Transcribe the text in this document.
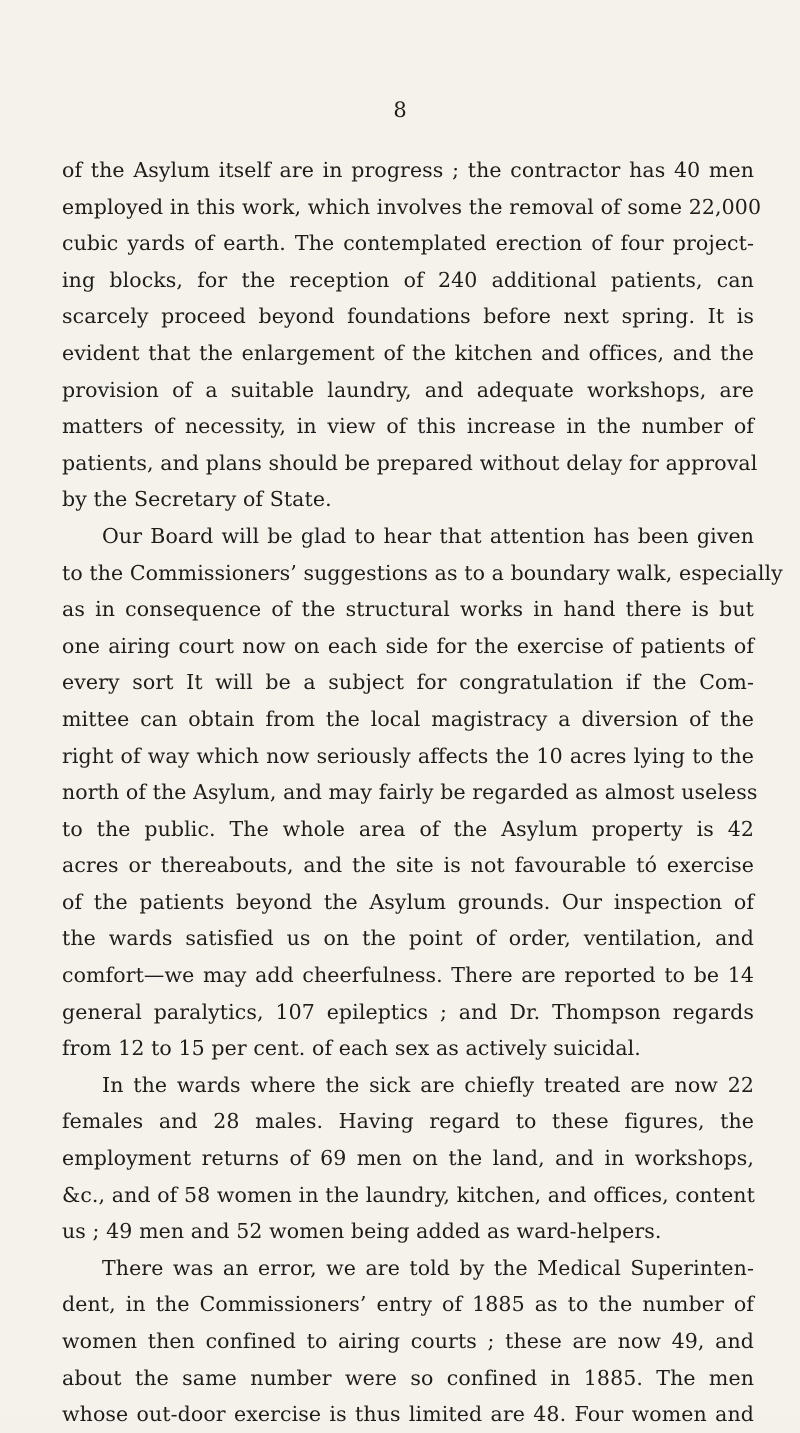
8
of the Asylum itself are in progress ; the contractor has 40 men
employed in this work, which involves the removal of some 22,000
cubic yards of earth. The contemplated erection of four project-
ing blocks, for the reception of 240 additional patients, can
scarcely proceed beyond foundations before next spring. It is
evident that the enlargement of the kitchen and offices, and the
provision of a suitable laundry, and adequate workshops, are
matters of necessity, in view of this increase in the number of
patients, and plans should be prepared without delay for approval
by the Secretary of State.
Our Board will be glad to hear that attention has been given
to the Commissioners’ suggestions as to a boundary walk, especially
as in consequence of the structural works in hand there is but
one airing court now on each side for the exercise of patients of
every sort It will be a subject for congratulation if the Com-
mittee can obtain from the local magistracy a diversion of the
right of way which now seriously affects the 10 acres lying to the
north of the Asylum, and may fairly be regarded as almost useless
to the public. The whole area of the Asylum property is 42
acres or thereabouts, and the site is not favourable tó exercise
of the patients beyond the Asylum grounds. Our inspection of
the wards satisfied us on the point of order, ventilation, and
comfort—we may add cheerfulness. There are reported to be 14
general paralytics, 107 epileptics ; and Dr. Thompson regards
from 12 to 15 per cent. of each sex as actively suicidal.
In the wards where the sick are chiefly treated are now 22
females and 28 males. Having regard to these figures, the
employment returns of 69 men on the land, and in workshops,
&c., and of 58 women in the laundry, kitchen, and offices, content
us ; 49 men and 52 women being added as ward-helpers.
There was an error, we are told by the Medical Superinten-
dent, in the Commissioners’ entry of 1885 as to the number of
women then confined to airing courts ; these are now 49, and
about the same number were so confined in 1885. The men
whose out-door exercise is thus limited are 48. Four women and
